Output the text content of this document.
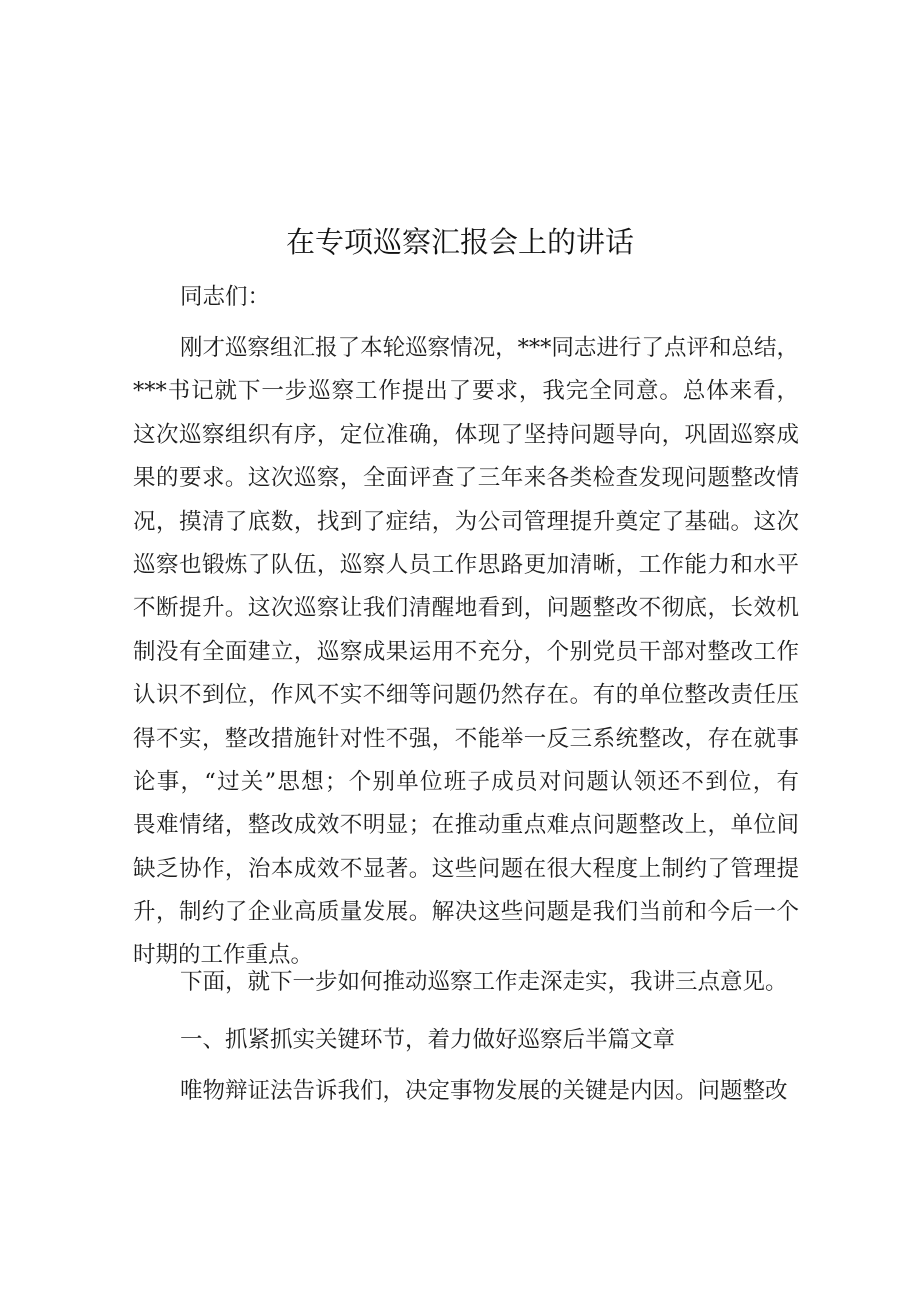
在专项巡察汇报会上的讲话
同志们：
刚才巡察组汇报了本轮巡察情况，***同志进行了点评和总结，
***书记就下一步巡察工作提出了要求，我完全同意。总体来看，
这次巡察组织有序，定位准确，体现了坚持问题导向，巩固巡察成
果的要求。这次巡察，全面评查了三年来各类检查发现问题整改情
况，摸清了底数，找到了症结，为公司管理提升奠定了基础。这次
巡察也锻炼了队伍，巡察人员工作思路更加清晰，工作能力和水平
不断提升。这次巡察让我们清醒地看到，问题整改不彻底，长效机
制没有全面建立，巡察成果运用不充分，个别党员干部对整改工作
认识不到位，作风不实不细等问题仍然存在。有的单位整改责任压
得不实，整改措施针对性不强，不能举一反三系统整改，存在就事
论事，“过关”思想；个别单位班子成员对问题认领还不到位，有
畏难情绪，整改成效不明显；在推动重点难点问题整改上，单位间
缺乏协作，治本成效不显著。这些问题在很大程度上制约了管理提
升，制约了企业高质量发展。解决这些问题是我们当前和今后一个
时期的工作重点。
下面，就下一步如何推动巡察工作走深走实，我讲三点意见。
一、抓紧抓实关键环节，着力做好巡察后半篇文章
唯物辩证法告诉我们，决定事物发展的关键是内因。问题整改
